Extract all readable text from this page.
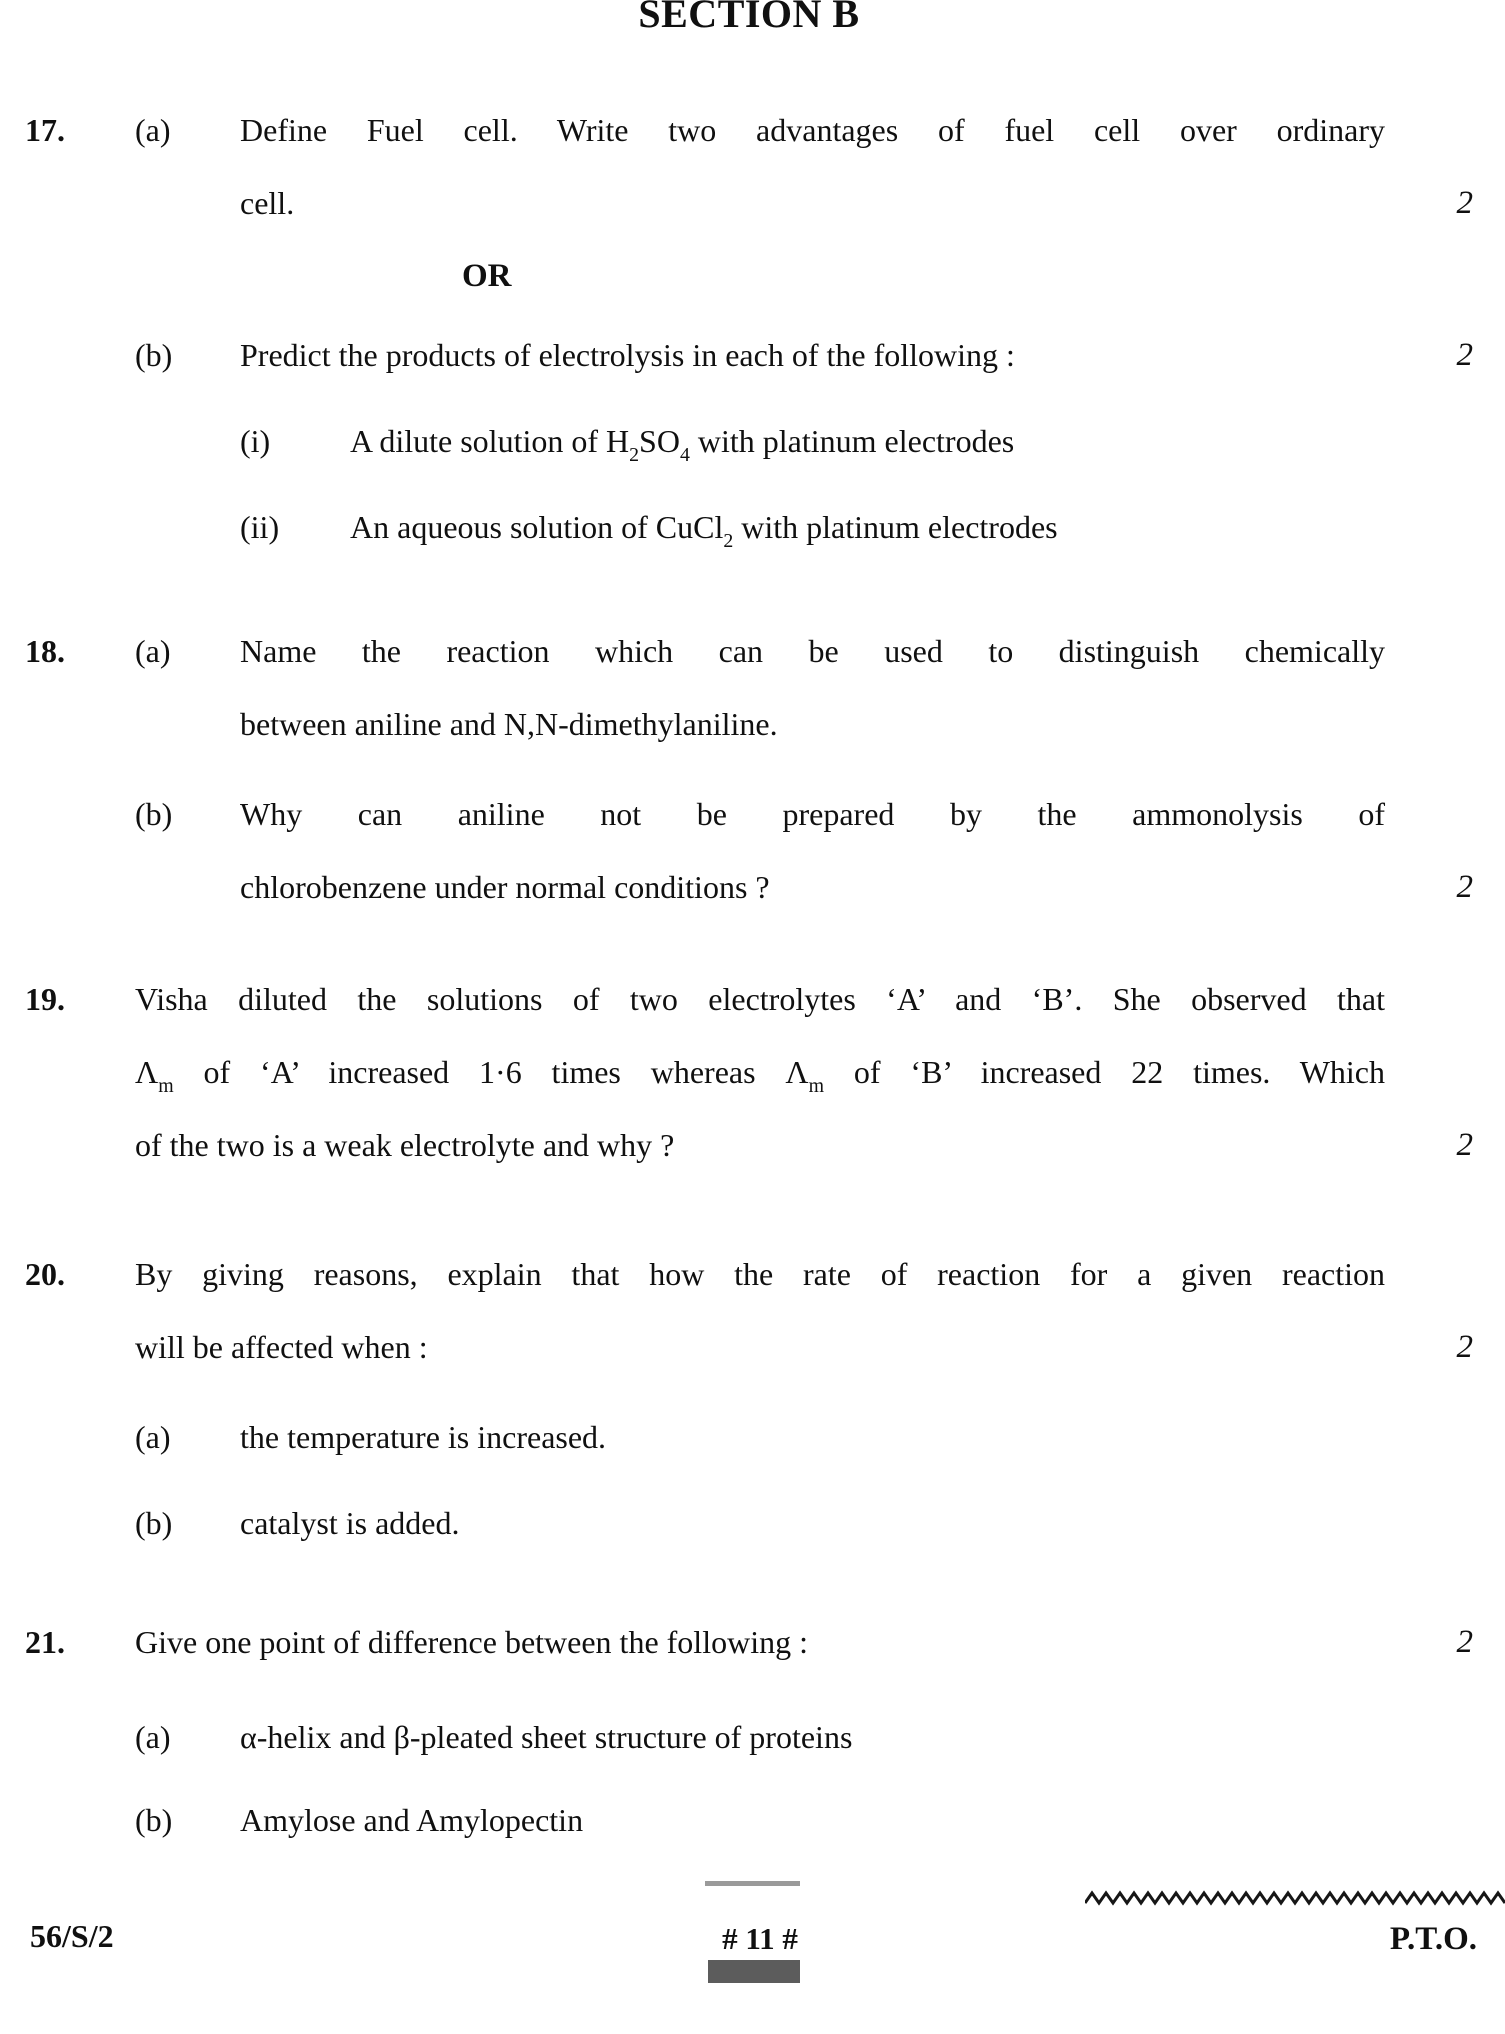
SECTION B
17.	(a)	Define Fuel cell. Write two advantages of fuel cell over ordinary
cell.	2
OR
(b)	Predict the products of electrolysis in each of the following :	2
(i)	A dilute solution of $H_2SO_4$ with platinum electrodes
(ii)	An aqueous solution of CuCl$_2$ with platinum electrodes
18.	(a)	Name the reaction which can be used to distinguish chemically
between aniline and N,N-dimethylaniline.
(b)	Why can aniline not be prepared by the ammonolysis of
chlorobenzene under normal conditions ?	2
19.	Visha diluted the solutions of two electrolytes ‘A’ and ‘B’. She observed that
$\Lambda_m$ of ‘A’ increased 1·6 times whereas $\Lambda_m$ of ‘B’ increased 22 times. Which
of the two is a weak electrolyte and why ?	2
20.	By giving reasons, explain that how the rate of reaction for a given reaction
will be affected when :	2
(a)	the temperature is increased.
(b)	catalyst is added.
21.	Give one point of difference between the following :	2
(a)	α-helix and β-pleated sheet structure of proteins
(b)	Amylose and Amylopectin
56/S/2	# 11 #	P.T.O.
